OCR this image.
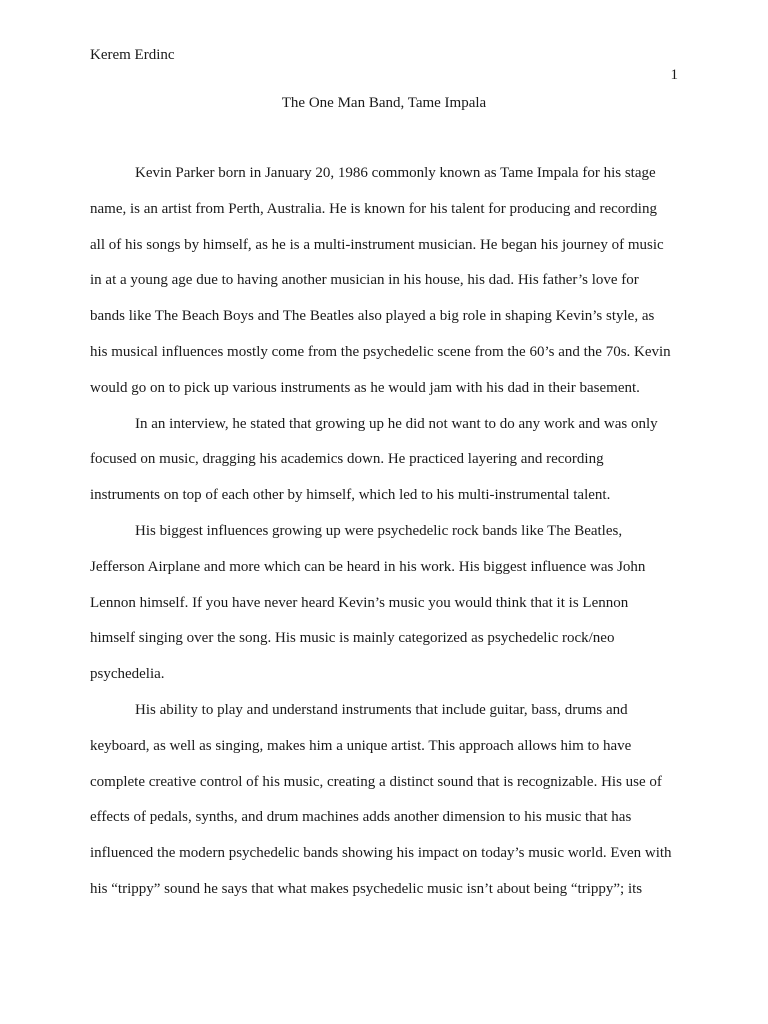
Kerem Erdinc
1
The One Man Band, Tame Impala
Kevin Parker born in January 20, 1986 commonly known as Tame Impala for his stage
name, is an artist from Perth, Australia. He is known for his talent for producing and recording
all of his songs by himself, as he is a multi-instrument musician. He began his journey of music
in at a young age due to having another musician in his house, his dad. His father’s love for
bands like The Beach Boys and The Beatles also played a big role in shaping Kevin’s style, as
his musical influences mostly come from the psychedelic scene from the 60’s and the 70s. Kevin
would go on to pick up various instruments as he would jam with his dad in their basement.
In an interview, he stated that growing up he did not want to do any work and was only
focused on music, dragging his academics down. He practiced layering and recording
instruments on top of each other by himself, which led to his multi-instrumental talent.
His biggest influences growing up were psychedelic rock bands like The Beatles,
Jefferson Airplane and more which can be heard in his work. His biggest influence was John
Lennon himself. If you have never heard Kevin’s music you would think that it is Lennon
himself singing over the song. His music is mainly categorized as psychedelic rock/neo
psychedelia.
His ability to play and understand instruments that include guitar, bass, drums and
keyboard, as well as singing, makes him a unique artist. This approach allows him to have
complete creative control of his music, creating a distinct sound that is recognizable. His use of
effects of pedals, synths, and drum machines adds another dimension to his music that has
influenced the modern psychedelic bands showing his impact on today’s music world. Even with
his “trippy” sound he says that what makes psychedelic music isn’t about being “trippy”; its
